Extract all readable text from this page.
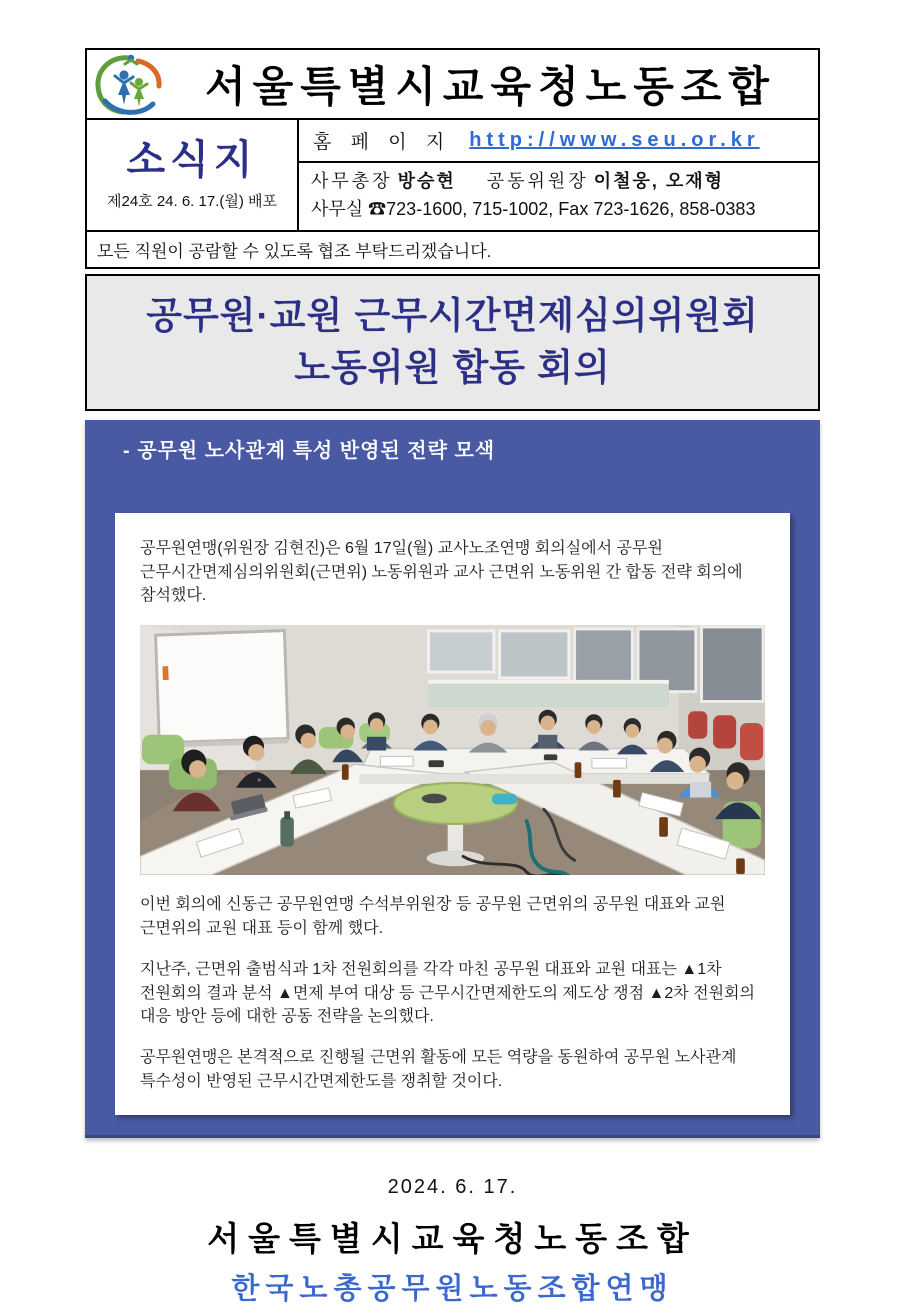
서울특별시교육청노동조합
소식지
제24호 24. 6. 17.(월) 배포
홈 페 이 지 http://www.seu.or.kr
사무총장 방승현 공동위원장 이철웅, 오재형
사무실 ☎723-1600, 715-1002, Fax 723-1626, 858-0383
모든 직원이 공람할 수 있도록 협조 부탁드리겠습니다.
공무원·교원 근무시간면제심의위원회
노동위원 합동 회의
- 공무원 노사관계 특성 반영된 전략 모색

공무원연맹(위원장 김현진)은 6월 17일(월) 교사노조연맹 회의실에서 공무원 근무시간면제심의위원회(근면위) 노동위원과 교사 근면위 노동위원 간 합동 전략 회의에 참석했다.

이번 회의에 신동근 공무원연맹 수석부위원장 등 공무원 근면위의 공무원 대표와 교원 근면위의 교원 대표 등이 함께 했다.

지난주, 근면위 출범식과 1차 전원회의를 각각 마친 공무원 대표와 교원 대표는 ▲1차 전원회의 결과 분석 ▲면제 부여 대상 등 근무시간면제한도의 제도상 쟁점 ▲2차 전원회의 대응 방안 등에 대한 공동 전략을 논의했다.

공무원연맹은 본격적으로 진행될 근면위 활동에 모든 역량을 동원하여 공무원 노사관계 특수성이 반영된 근무시간면제한도를 쟁취할 것이다.

2024. 6. 17.
서울특별시교육청노동조합
한국노총공무원노동조합연맹
